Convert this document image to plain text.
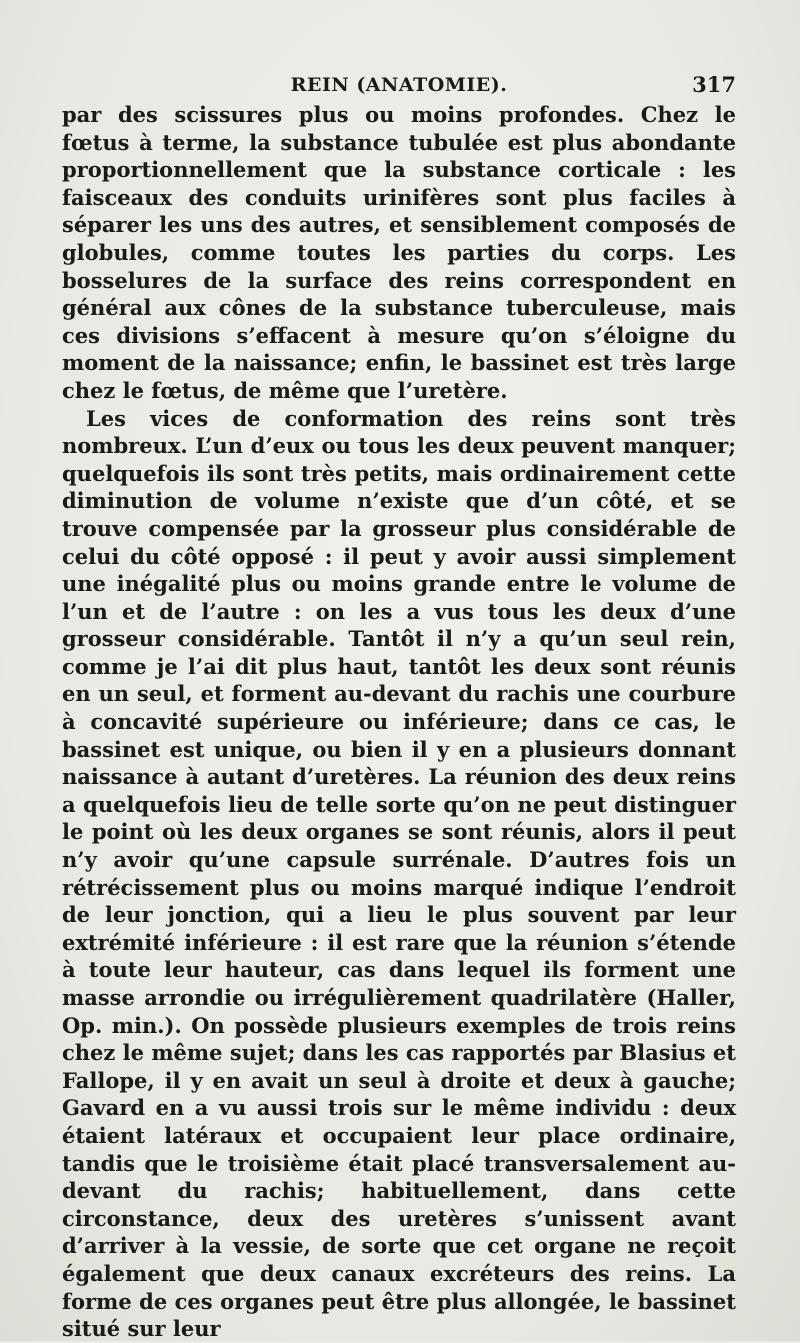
REIN (ANATOMIE).	317

par des scissures plus ou moins profondes. Chez le fœtus à terme, la substance tubulée est plus abondante proportionnellement que la substance corticale : les faisceaux des conduits urinifères sont plus faciles à séparer les uns des autres, et sensiblement composés de globules, comme toutes les parties du corps. Les bosselures de la surface des reins correspondent en général aux cônes de la substance tuberculeuse, mais ces divisions s’effacent à mesure qu’on s’éloigne du moment de la naissance; enfin, le bassinet est très large chez le fœtus, de même que l’uretère.

Les vices de conformation des reins sont très nombreux. L’un d’eux ou tous les deux peuvent manquer; quelquefois ils sont très petits, mais ordinairement cette diminution de volume n’existe que d’un côté, et se trouve compensée par la grosseur plus considérable de celui du côté opposé : il peut y avoir aussi simplement une inégalité plus ou moins grande entre le volume de l’un et de l’autre : on les a vus tous les deux d’une grosseur considérable. Tantôt il n’y a qu’un seul rein, comme je l’ai dit plus haut, tantôt les deux sont réunis en un seul, et forment au-devant du rachis une courbure à concavité supérieure ou inférieure; dans ce cas, le bassinet est unique, ou bien il y en a plusieurs donnant naissance à autant d’uretères. La réunion des deux reins a quelquefois lieu de telle sorte qu’on ne peut distinguer le point où les deux organes se sont réunis, alors il peut n’y avoir qu’une capsule surrénale. D’autres fois un rétrécissement plus ou moins marqué indique l’endroit de leur jonction, qui a lieu le plus souvent par leur extrémité inférieure : il est rare que la réunion s’étende à toute leur hauteur, cas dans lequel ils forment une masse arrondie ou irrégulièrement quadrilatère (Haller, Op. min.). On possède plusieurs exemples de trois reins chez le même sujet; dans les cas rapportés par Blasius et Fallope, il y en avait un seul à droite et deux à gauche; Gavard en a vu aussi trois sur le même individu : deux étaient latéraux et occupaient leur place ordinaire, tandis que le troisième était placé transversalement au-devant du rachis; habituellement, dans cette circonstance, deux des uretères s’unissent avant d’arriver à la vessie, de sorte que cet organe ne reçoit également que deux canaux excréteurs des reins. La forme de ces organes peut être plus allongée, le bassinet situé sur leur
